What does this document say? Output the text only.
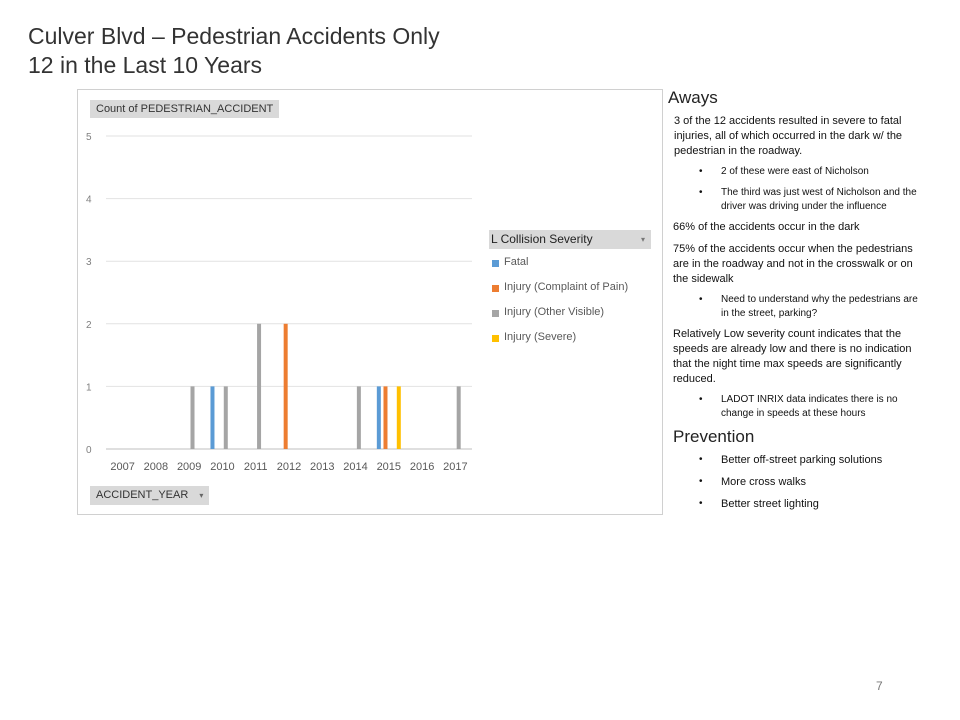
Culver Blvd – Pedestrian Accidents Only
12 in the Last 10 Years
0
1
2
3
4
5
2007 2008 2009 2010 2011 2012 2013 2014 2015 2016 2017
Count of PEDESTRIAN_ACCIDENT
ACCIDENT_YEAR ▾
L Collision Severity	▾
Fatal
Injury (Complaint of Pain)
Injury (Other Visible)
Injury (Severe)
Aways

3 of the 12 accidents resulted in severe to fatal injuries, all of which occurred in the dark w/ the pedestrian in the roadway.

• 2 of these were east of Nicholson
• The third was just west of Nicholson and the driver was driving under the influence

66% of the accidents occur in the dark

75% of the accidents occur when the pedestrians are in the roadway and not in the crosswalk or on the sidewalk

• Need to understand why the pedestrians are in the street, parking?

Relatively Low severity count indicates that the speeds are already low and there is no indication that the night time max speeds are significantly reduced.

• LADOT INRIX data indicates there is no change in speeds at these hours
Prevention
• Better off-street parking solutions
• More cross walks
• Better street lighting
7
